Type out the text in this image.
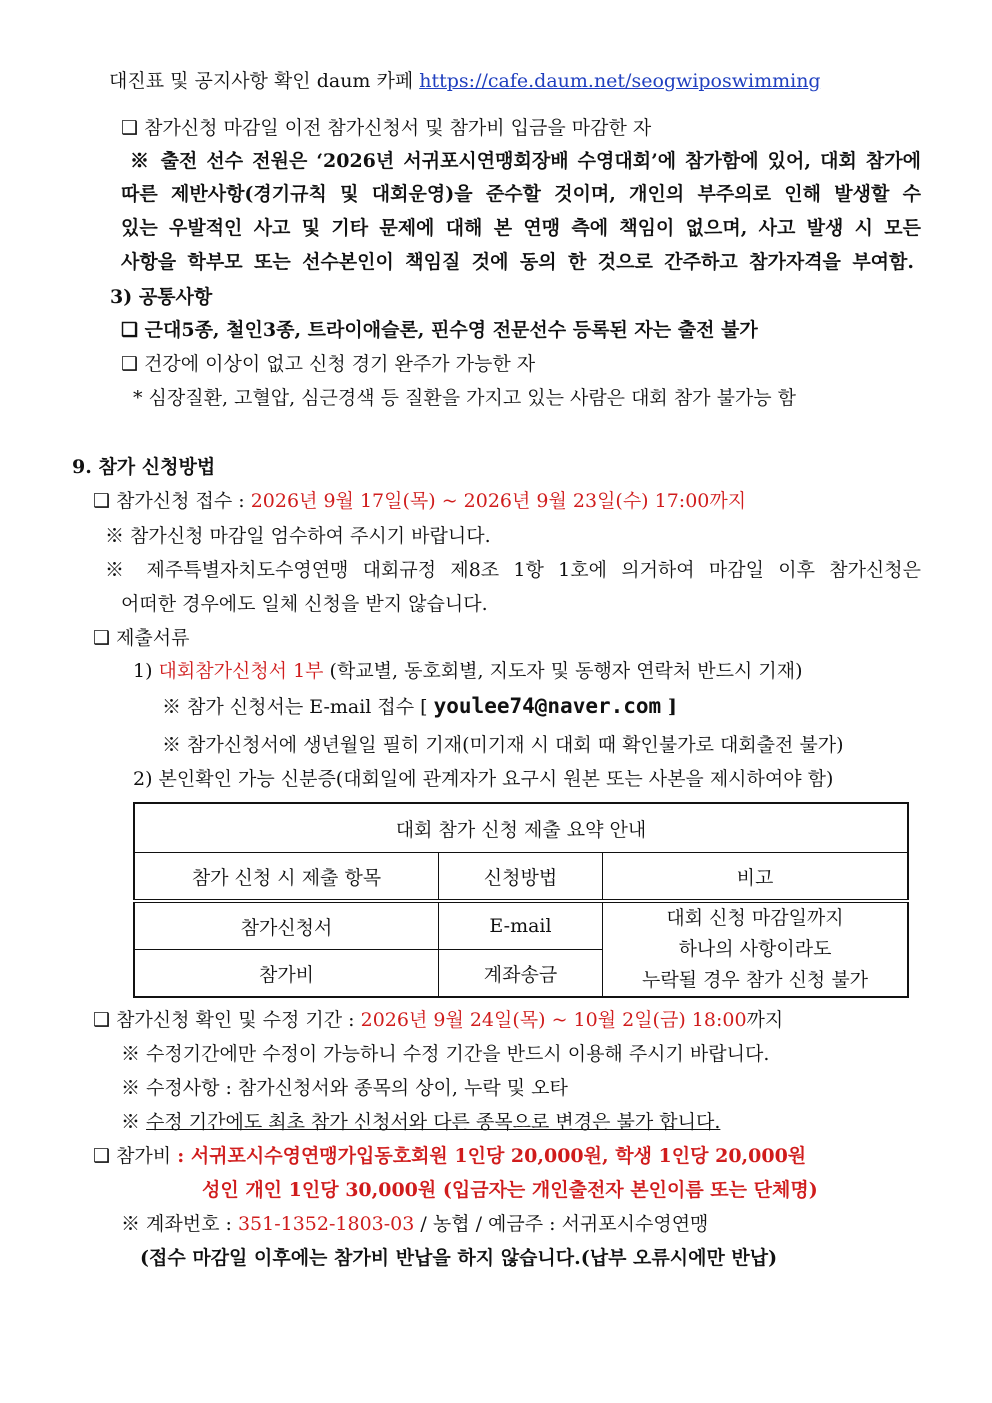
대진표 및 공지사항 확인 daum 카페 https://cafe.daum.net/seogwiposwimming
❑ 참가신청 마감일 이전 참가신청서 및 참가비 입금을 마감한 자
※ 출전 선수 전원은 ‘2026년 서귀포시연맹회장배 수영대회’에 참가함에 있어, 대회 참가에
따른 제반사항(경기규칙 및 대회운영)을 준수할 것이며, 개인의 부주의로 인해 발생할 수
있는 우발적인 사고 및 기타 문제에 대해 본 연맹 측에 책임이 없으며, 사고 발생 시 모든
사항을 학부모 또는 선수본인이 책임질 것에 동의 한 것으로 간주하고 참가자격을 부여함.
3) 공통사항
❑ 근대5종, 철인3종, 트라이애슬론, 핀수영 전문선수 등록된 자는 출전 불가
❑ 건강에 이상이 없고 신청 경기 완주가 가능한 자
* 심장질환, 고혈압, 심근경색 등 질환을 가지고 있는 사람은 대회 참가 불가능 함
9. 참가 신청방법
❑ 참가신청 접수 : 2026년 9월 17일(목) ~ 2026년 9월 23일(수) 17:00까지
※ 참가신청 마감일 엄수하여 주시기 바랍니다.
※ 제주특별자치도수영연맹 대회규정 제8조 1항 1호에 의거하여 마감일 이후 참가신청은
어떠한 경우에도 일체 신청을 받지 않습니다.
❑ 제출서류
1) 대회참가신청서 1부 (학교별, 동호회별, 지도자 및 동행자 연락처 반드시 기재)
※ 참가 신청서는 E-mail 접수 [ youlee74@naver.com ]
※ 참가신청서에 생년월일 필히 기재(미기재 시 대회 때 확인불가로 대회출전 불가)
2) 본인확인 가능 신분증(대회일에 관계자가 요구시 원본 또는 사본을 제시하여야 함)
대회 참가 신청 제출 요약 안내		
참가 신청 시 제출 항목	신청방법	비고
참가신청서	E-mail	대회 신청 마감일까지
하나의 사항이라도
누락될 경우 참가 신청 불가

참가비	계좌송금	
❑ 참가신청 확인 및 수정 기간 : 2026년 9월 24일(목) ~ 10월 2일(금) 18:00까지
※ 수정기간에만 수정이 가능하니 수정 기간을 반드시 이용해 주시기 바랍니다.
※ 수정사항 : 참가신청서와 종목의 상이, 누락 및 오타
※ 수정 기간에도 최초 참가 신청서와 다른 종목으로 변경은 불가 합니다.
❑ 참가비 : 서귀포시수영연맹가입동호회원 1인당 20,000원, 학생 1인당 20,000원
성인 개인 1인당 30,000원 (입금자는 개인출전자 본인이름 또는 단체명)
※ 계좌번호 : 351-1352-1803-03 / 농협 / 예금주 : 서귀포시수영연맹
(접수 마감일 이후에는 참가비 반납을 하지 않습니다.(납부 오류시에만 반납)
